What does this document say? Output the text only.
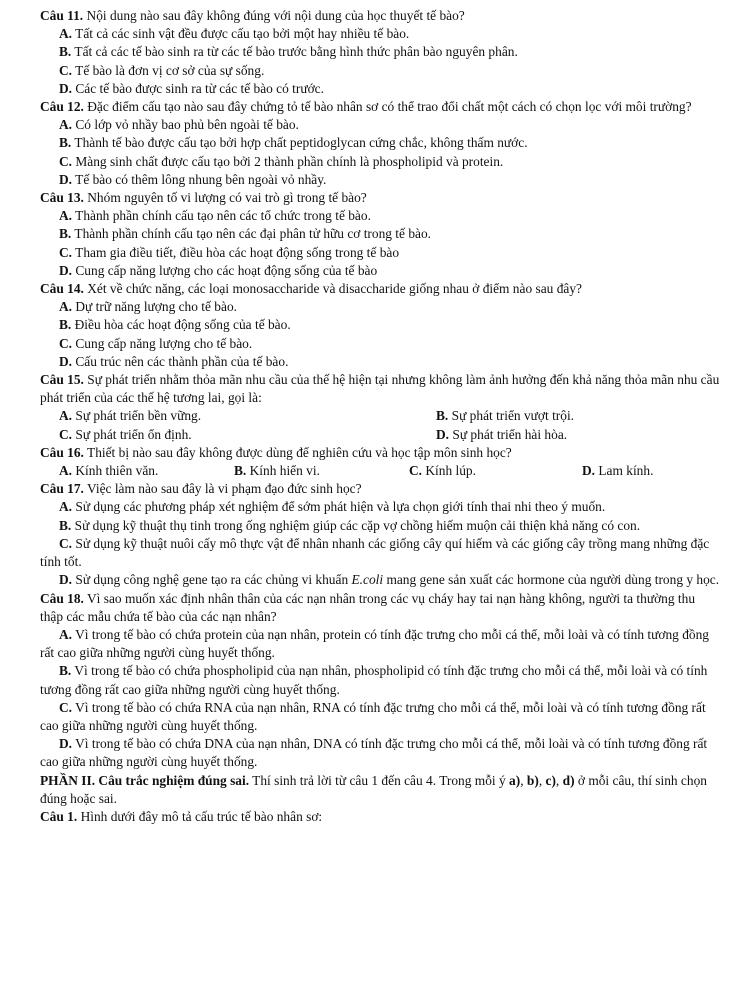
Câu 11. Nội dung nào sau đây không đúng với nội dung của học thuyết tế bào?

A. Tất cả các sinh vật đều được cấu tạo bởi một hay nhiều tế bào.

B. Tất cả các tế bào sinh ra từ các tế bào trước bằng hình thức phân bào nguyên phân.

C. Tế bào là đơn vị cơ sở của sự sống.

D. Các tế bào được sinh ra từ các tế bào có trước.

Câu 12. Đặc điểm cấu tạo nào sau đây chứng tỏ tế bào nhân sơ có thể trao đổi chất một cách có chọn lọc với môi trường?

A. Có lớp vỏ nhầy bao phủ bên ngoài tế bào.

B. Thành tế bào được cấu tạo bởi hợp chất peptidoglycan cứng chắc, không thấm nước.

C. Màng sinh chất được cấu tạo bởi 2 thành phần chính là phospholipid và protein.

D. Tế bào có thêm lông nhung bên ngoài vỏ nhầy.

Câu 13. Nhóm nguyên tố vi lượng có vai trò gì trong tế bào?

A. Thành phần chính cấu tạo nên các tổ chức trong tế bào.

B. Thành phần chính cấu tạo nên các đại phân tử hữu cơ trong tế bào.

C. Tham gia điều tiết, điều hòa các hoạt động sống trong tế bào

D. Cung cấp năng lượng cho các hoạt động sống của tế bào

Câu 14. Xét về chức năng, các loại monosaccharide và disaccharide giống nhau ở điểm nào sau đây?

A. Dự trữ năng lượng cho tế bào.

B. Điều hòa các hoạt động sống của tế bào.

C. Cung cấp năng lượng cho tế bào.

D. Cấu trúc nên các thành phần của tế bào.

Câu 15. Sự phát triển nhằm thỏa mãn nhu cầu của thế hệ hiện tại nhưng không làm ảnh hưởng đến khả năng thỏa mãn nhu cầu phát triển của các thế hệ tương lai, gọi là:

A. Sự phát triển bền vững.	B. Sự phát triển vượt trội.
C. Sự phát triển ổn định.	D. Sự phát triển hài hòa.

Câu 16. Thiết bị nào sau đây không được dùng để nghiên cứu và học tập môn sinh học?

A. Kính thiên văn.	B. Kính hiển vi.	C. Kính lúp.	D. Lam kính.

Câu 17. Việc làm nào sau đây là vi phạm đạo đức sinh học?

A. Sử dụng các phương pháp xét nghiệm để sớm phát hiện và lựa chọn giới tính thai nhi theo ý muốn.

B. Sử dụng kỹ thuật thụ tinh trong ống nghiệm giúp các cặp vợ chồng hiếm muộn cải thiện khả năng có con.

C. Sử dụng kỹ thuật nuôi cấy mô thực vật để nhân nhanh các giống cây quí hiếm và các giống cây trồng mang những đặc tính tốt.

D. Sử dụng công nghệ gene tạo ra các chủng vi khuẩn E.coli mang gene sản xuất các hormone của người dùng trong y học.

Câu 18. Vì sao muốn xác định nhân thân của các nạn nhân trong các vụ cháy hay tai nạn hàng không, người ta thường thu thập các mẫu chứa tế bào của các nạn nhân?

A. Vì trong tế bào có chứa protein của nạn nhân, protein có tính đặc trưng cho mỗi cá thể, mỗi loài và có tính tương đồng rất cao giữa những người cùng huyết thống.

B. Vì trong tế bào có chứa phospholipid của nạn nhân, phospholipid có tính đặc trưng cho mỗi cá thể, mỗi loài và có tính tương đồng rất cao giữa những người cùng huyết thống.

C. Vì trong tế bào có chứa RNA của nạn nhân, RNA có tính đặc trưng cho mỗi cá thể, mỗi loài và có tính tương đồng rất cao giữa những người cùng huyết thống.

D. Vì trong tế bào có chứa DNA của nạn nhân, DNA có tính đặc trưng cho mỗi cá thể, mỗi loài và có tính tương đồng rất cao giữa những người cùng huyết thống.

PHẦN II. Câu trắc nghiệm đúng sai. Thí sinh trả lời từ câu 1 đến câu 4. Trong mỗi ý a), b), c), d) ở mỗi câu, thí sinh chọn đúng hoặc sai.

Câu 1. Hình dưới đây mô tả cấu trúc tế bào nhân sơ:
